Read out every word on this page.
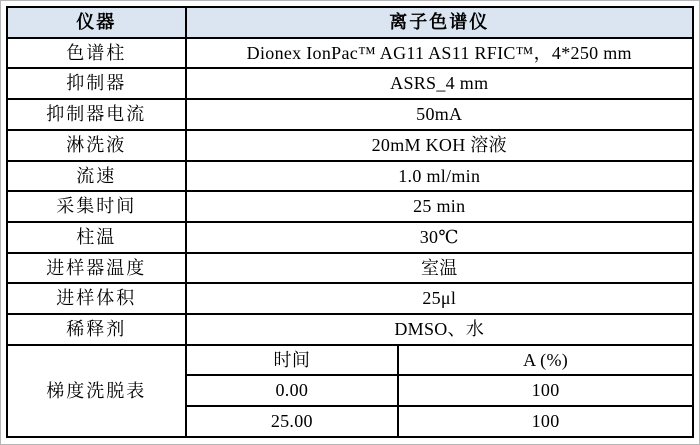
仪器	离子色谱仪	
色谱柱	Dionex IonPac™ AG11 AS11 RFIC™，4*250 mm	
抑制器	ASRS_4 mm	
抑制器电流	50mA	
淋洗液	20mM KOH 溶液	
流速	1.0 ml/min	
采集时间	25 min	
柱温	30℃	
进样器温度	室温	
进样体积	25μl	
稀释剂	DMSO、水	
梯度洗脱表	时间	A (%)
	0.00	100
	25.00	100
